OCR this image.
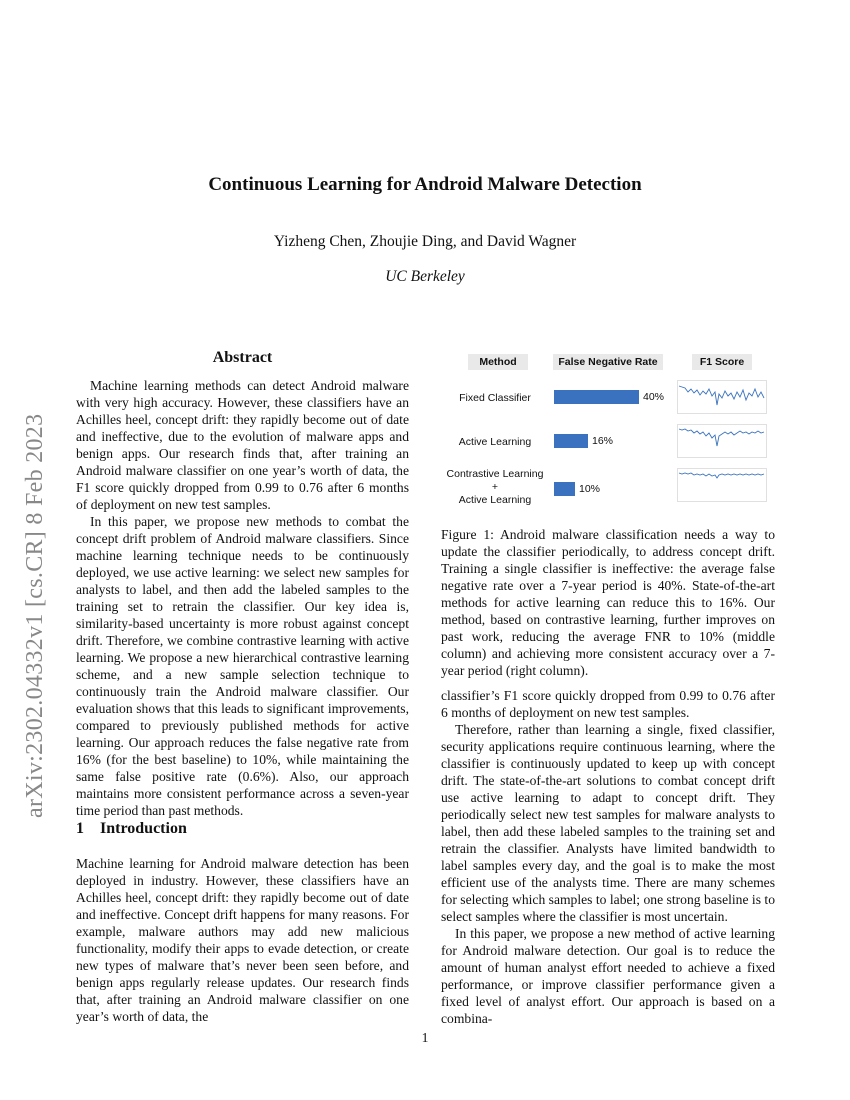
arXiv:2302.04332v1 [cs.CR] 8 Feb 2023
Continuous Learning for Android Malware Detection
Yizheng Chen, Zhoujie Ding, and David Wagner
UC Berkeley
Abstract

Machine learning methods can detect Android malware with very high accuracy. However, these classifiers have an Achilles heel, concept drift: they rapidly become out of date and ineffective, due to the evolution of malware apps and benign apps. Our research finds that, after training an Android malware classifier on one year’s worth of data, the F1 score quickly dropped from 0.99 to 0.76 after 6 months of deployment on new test samples.

In this paper, we propose new methods to combat the concept drift problem of Android malware classifiers. Since machine learning technique needs to be continuously deployed, we use active learning: we select new samples for analysts to label, and then add the labeled samples to the training set to retrain the classifier. Our key idea is, similarity-based uncertainty is more robust against concept drift. Therefore, we combine contrastive learning with active learning. We propose a new hierarchical contrastive learning scheme, and a new sample selection technique to continuously train the Android malware classifier. Our evaluation shows that this leads to significant improvements, compared to previously published methods for active learning. Our approach reduces the false negative rate from 16% (for the best baseline) to 10%, while maintaining the same false positive rate (0.6%). Also, our approach maintains more consistent performance across a seven-year time period than past methods.

1 Introduction

Machine learning for Android malware detection has been deployed in industry. However, these classifiers have an Achilles heel, concept drift: they rapidly become out of date and ineffective. Concept drift happens for many reasons. For example, malware authors may add new malicious functionality, modify their apps to evade detection, or create new types of malware that’s never been seen before, and benign apps regularly release updates. Our research finds that, after training an Android malware classifier on one year’s worth of data, the

Method	False Negative Rate	F1 Score
Fixed Classifier
Active Learning
Contrastive Learning
+
Active Learning
40%
16%
10%
Figure 1: Android malware classification needs a way to update the classifier periodically, to address concept drift. Training a single classifier is ineffective: the average false negative rate over a 7-year period is 40%. State-of-the-art methods for active learning can reduce this to 16%. Our method, based on contrastive learning, further improves on past work, reducing the average FNR to 10% (middle column) and achieving more consistent accuracy over a 7-year period (right column).

classifier’s F1 score quickly dropped from 0.99 to 0.76 after 6 months of deployment on new test samples.

Therefore, rather than learning a single, fixed classifier, security applications require continuous learning, where the classifier is continuously updated to keep up with concept drift. The state-of-the-art solutions to combat concept drift use active learning to adapt to concept drift. They periodically select new test samples for malware analysts to label, then add these labeled samples to the training set and retrain the classifier. Analysts have limited bandwidth to label samples every day, and the goal is to make the most efficient use of the analysts time. There are many schemes for selecting which samples to label; one strong baseline is to select samples where the classifier is most uncertain.

In this paper, we propose a new method of active learning for Android malware detection. Our goal is to reduce the amount of human analyst effort needed to achieve a fixed performance, or improve classifier performance given a fixed level of analyst effort. Our approach is based on a combina-

1
